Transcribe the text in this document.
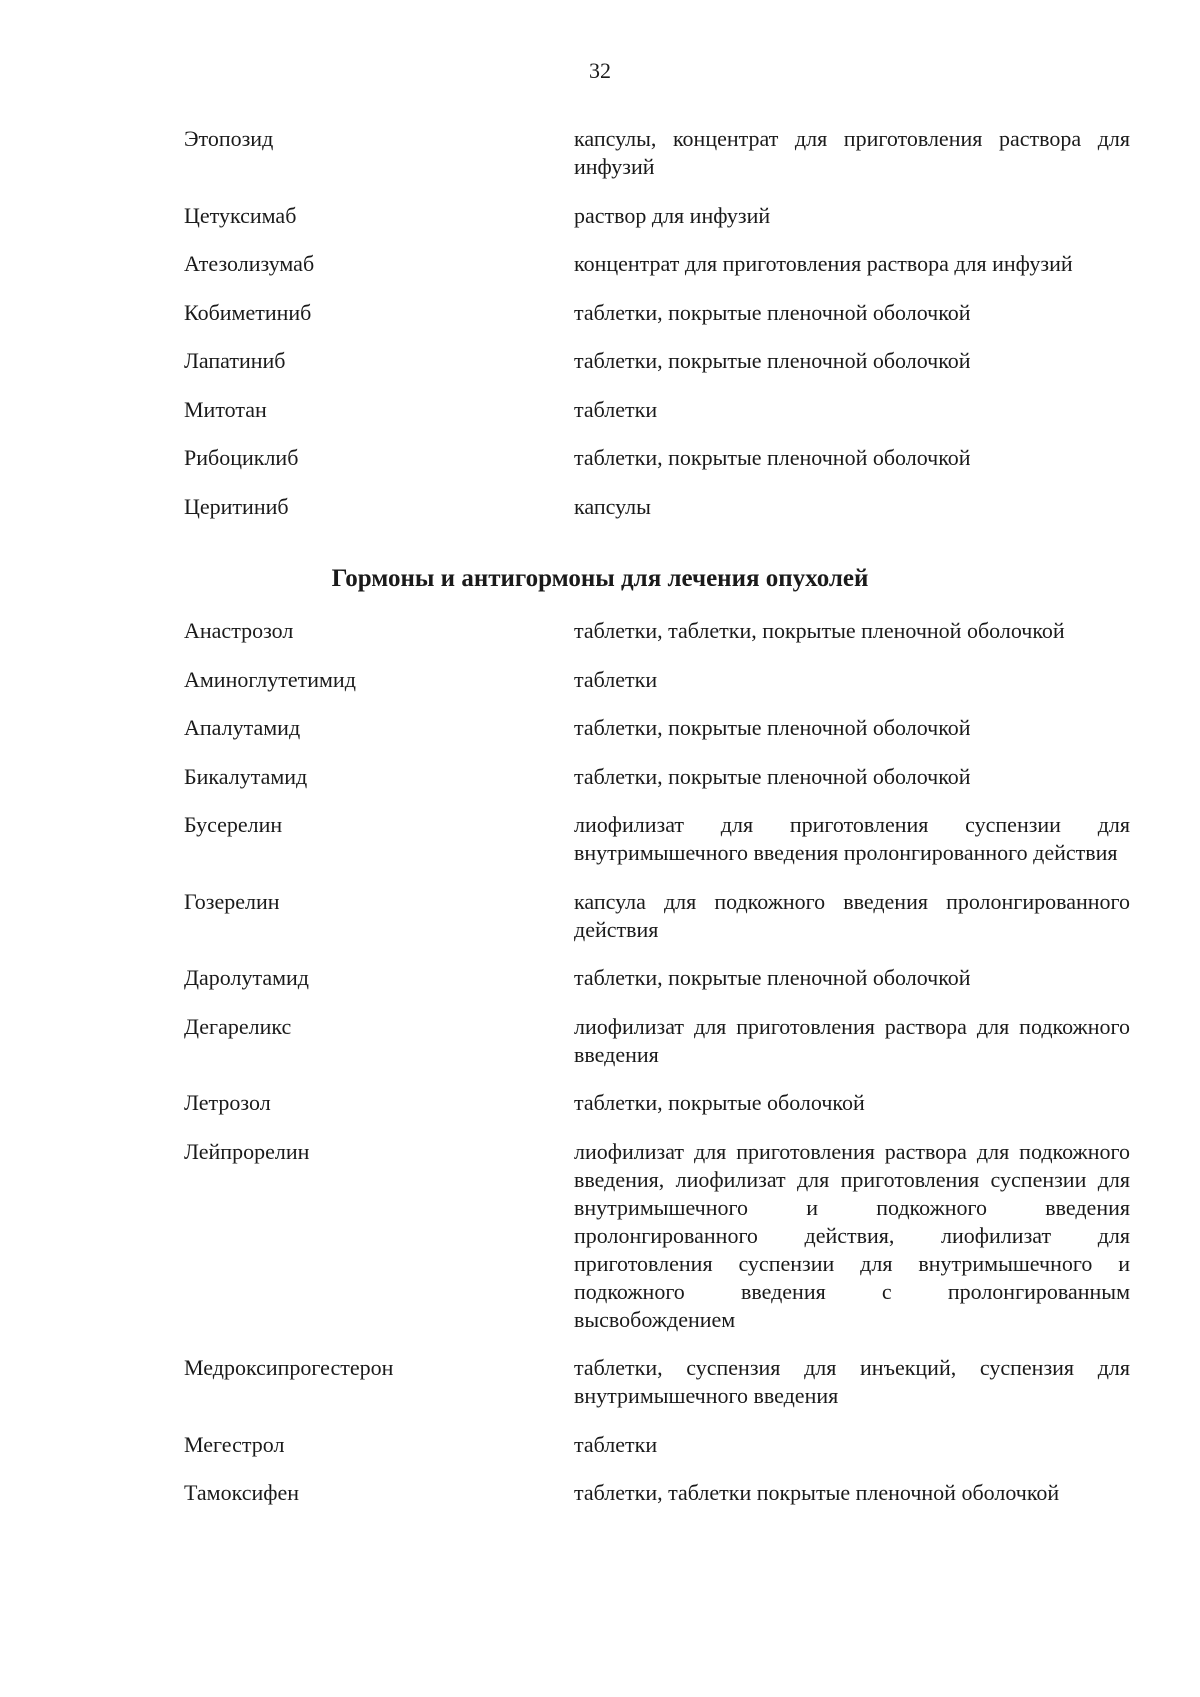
32
Этопозид	капсулы, концентрат для приготовления раствора для инфузий
Цетуксимаб	раствор для инфузий
Атезолизумаб	концентрат для приготовления раствора для инфузий
Кобиметиниб	таблетки, покрытые пленочной оболочкой
Лапатиниб	таблетки, покрытые пленочной оболочкой
Митотан	таблетки
Рибоциклиб	таблетки, покрытые пленочной оболочкой
Церитиниб	капсулы
Гормоны и антигормоны для лечения опухолей
Анастрозол	таблетки, таблетки, покрытые пленочной оболочкой
Аминоглутетимид	таблетки
Апалутамид	таблетки, покрытые пленочной оболочкой
Бикалутамид	таблетки, покрытые пленочной оболочкой
Бусерелин	лиофилизат для приготовления суспензии для внутримышечного введения пролонгированного действия
Гозерелин	капсула для подкожного введения пролонгированного действия
Даролутамид	таблетки, покрытые пленочной оболочкой
Дегареликс	лиофилизат для приготовления раствора для подкожного введения
Летрозол	таблетки, покрытые оболочкой
Лейпрорелин	лиофилизат для приготовления раствора для подкожного введения, лиофилизат для приготовления суспензии для внутримышечного и подкожного введения пролонгированного действия, лиофилизат для приготовления суспензии для внутримышечного и подкожного введения с пролонгированным высвобождением
Медроксипрогестерон	таблетки, суспензия для инъекций, суспензия для внутримышечного введения
Мегестрол	таблетки
Тамоксифен	таблетки, таблетки покрытые пленочной оболочкой
